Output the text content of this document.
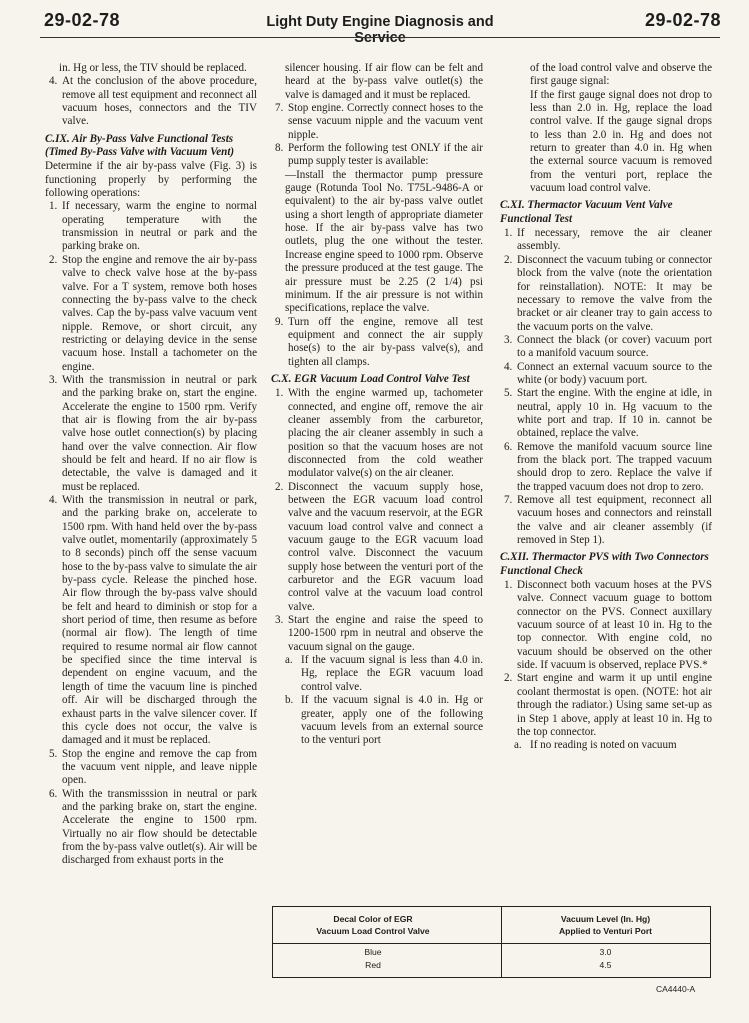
29-02-78	Light Duty Engine Diagnosis and Service
29-02-78

in. Hg or less, the TIV should be replaced.

4. At the conclusion of the above procedure, remove all test equipment and reconnect all vacuum hoses, connectors and the TIV valve.

C.IX. Air By-Pass Valve Functional Tests (Timed By-Pass Valve with Vacuum Vent)

Determine if the air by-pass valve (Fig. 3) is functioning properly by performing the following operations:

1. If necessary, warm the engine to normal operating temperature with the transmission in neutral or park and the parking brake on.
2. Stop the engine and remove the air by-pass valve to check valve hose at the by-pass valve. For a T system, remove both hoses connecting the by-pass valve to the check valves. Cap the by-pass valve vacuum vent nipple. Remove, or short circuit, any restricting or delaying device in the sense vacuum hose. Install a tachometer on the engine.
3. With the transmission in neutral or park and the parking brake on, start the engine. Accelerate the engine to 1500 rpm. Verify that air is flowing from the air by-pass valve hose outlet connection(s) by placing hand over the valve connection. Air flow should be felt and heard. If no air flow is detectable, the valve is damaged and it must be replaced.
4. With the transmission in neutral or park, and the parking brake on, accelerate to 1500 rpm. With hand held over the by-pass valve outlet, momentarily (approximately 5 to 8 seconds) pinch off the sense vacuum hose to the by-pass valve to simulate the air by-pass cycle. Release the pinched hose. Air flow through the by-pass valve should be felt and heard to diminish or stop for a short period of time, then resume as before (normal air flow). The length of time required to resume normal air flow cannot be specified since the time interval is dependent on engine vacuum, and the length of time the vacuum line is pinched off. Air will be discharged through the exhaust parts in the valve silencer cover. If this cycle does not occur, the valve is damaged and it must be replaced.
5. Stop the engine and remove the cap from the vacuum vent nipple, and leave nipple open.
6. With the transmisssion in neutral or park and the parking brake on, start the engine. Accelerate the engine to 1500 rpm. Virtually no air flow should be detectable from the by-pass valve outlet(s). Air will be discharged from exhaust ports in the

silencer housing. If air flow can be felt and heard at the by-pass valve outlet(s) the valve is damaged and it must be replaced.

7. Stop engine. Correctly connect hoses to the sense vacuum nipple and the vacuum vent nipple.
8. Perform the following test ONLY if the air pump supply tester is available:

—Install the thermactor pump pressure gauge (Rotunda Tool No. T75L-9486-A or equivalent) to the air by-pass valve outlet using a short length of appropriate diameter hose. If the air by-pass valve has two outlets, plug the one without the tester. Increase engine speed to 1000 rpm. Observe the pressure produced at the test gauge. The air pressure must be 2.25 (2 1/4) psi minimum. If the air pressure is not within specifications, replace the valve.

9. Turn off the engine, remove all test equipment and connect the air supply hose(s) to the air by-pass valve(s), and tighten all clamps.

C.X. EGR Vacuum Load Control Valve Test

1. With the engine warmed up, tachometer connected, and engine off, remove the air cleaner assembly from the carburetor, placing the air cleaner assembly in such a position so that the vacuum hoses are not disconnected from the cold weather modulator valve(s) on the air cleaner.
2. Disconnect the vacuum supply hose, between the EGR vacuum load control valve and the vacuum reservoir, at the EGR vacuum load control valve and connect a vacuum gauge to the EGR vacuum load control valve. Disconnect the vacuum supply hose between the venturi port of the carburetor and the EGR vacuum load control valve at the vacuum load control valve.
3. Start the engine and raise the speed to 1200-1500 rpm in neutral and observe the vacuum signal on the gauge.
a. If the vacuum signal is less than 4.0 in. Hg, replace the EGR vacuum load control valve.
b. If the vacuum signal is 4.0 in. Hg or greater, apply one of the following vacuum levels from an external source to the venturi port

of the load control valve and observe the first gauge signal:

If the first gauge signal does not drop to less than 2.0 in. Hg, replace the load control valve. If the gauge signal drops to less than 2.0 in. Hg and does not return to greater than 4.0 in. Hg when the external source vacuum is removed from the venturi port, replace the vacuum load control valve.

C.XI. Thermactor Vacuum Vent Valve Functional Test

1. If necessary, remove the air cleaner assembly.
2. Disconnect the vacuum tubing or connector block from the valve (note the orientation for reinstallation). NOTE: It may be necessary to remove the valve from the bracket or air cleaner tray to gain access to the vacuum ports on the valve.
3. Connect the black (or cover) vacuum port to a manifold vacuum source.
4. Connect an external vacuum source to the white (or body) vacuum port.
5. Start the engine. With the engine at idle, in neutral, apply 10 in. Hg vacuum to the white port and trap. If 10 in. cannot be obtained, replace the valve.
6. Remove the manifold vacuum source line from the black port. The trapped vacuum should drop to zero. Replace the valve if the trapped vacuum does not drop to zero.
7. Remove all test equipment, reconnect all vacuum hoses and connectors and reinstall the valve and air cleaner assembly (if removed in Step 1).

C.XII. Thermactor PVS with Two Connectors Functional Check

1. Disconnect both vacuum hoses at the PVS valve. Connect vacuum guage to bottom connector on the PVS. Connect auxillary vacuum source of at least 10 in. Hg to the top connector. With engine cold, no vacuum should be observed on the other side. If vacuum is observed, replace PVS.*
2. Start engine and warm it up until engine coolant thermostat is open. (NOTE: hot air through the radiator.) Using same set-up as in Step 1 above, apply at least 10 in. Hg to the top connector.
a. If no reading is noted on vacuum
Decal Color of EGR
Vacuum Load Control Valve
Vacuum Level (In. Hg)
Applied to Venturi Port
Blue	3.0
Red	4.5
CA4440-A
